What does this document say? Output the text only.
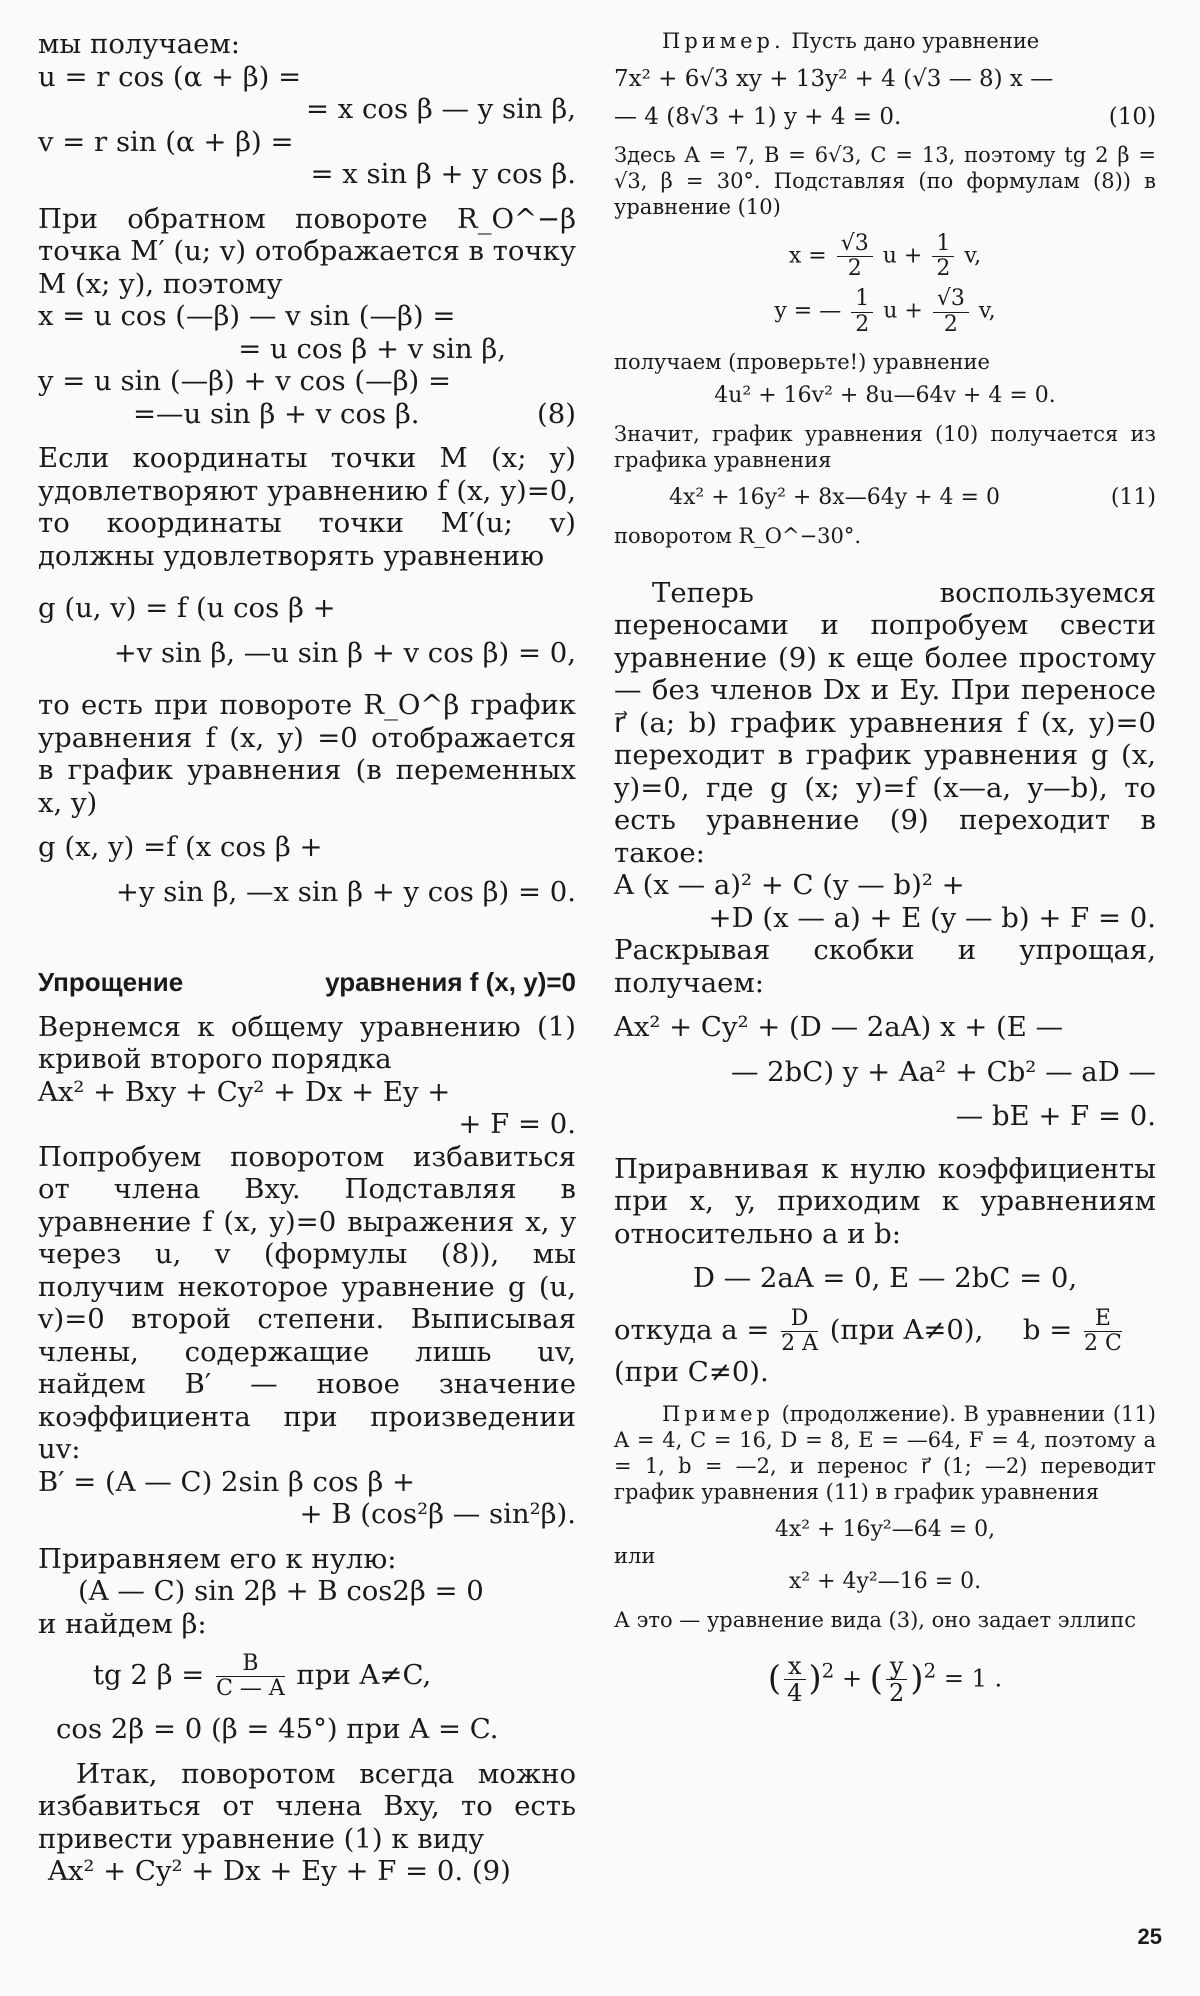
мы получаем:

u = r cos (α + β) =

= x cos β — y sin β,

v = r sin (α + β) =

= x sin β + y cos β.

При обратном повороте R_O^−β точка M′ (u; v) отображается в точку M (x; y), поэтому

x = u cos (—β) — v sin (—β) =

= u cos β + v sin β,

y = u sin (—β) + v cos (—β) =

=—u sin β + v cos β.	(8)

Если координаты точки M (x; y) удовлетворяют уравнению f (x, y)=0, то координаты точки M′(u; v) должны удовлетворять уравнению

g (u, v) = f (u cos β +

+v sin β, —u sin β + v cos β) = 0,

то есть при повороте R_O^β график уравнения f (x, y) =0 отображается в график уравнения (в переменных x, y)

g (x, y) =f (x cos β +

+y sin β, —x sin β + y cos β) = 0.

Упрощение	уравнения f (x, y)=0

Вернемся к общему уравнению (1) кривой второго порядка

Ax² + Bxy + Cy² + Dx + Ey +

+ F = 0.

Попробуем поворотом избавиться от члена Bxy. Подставляя в уравнение f (x, y)=0 выражения x, y через u, v (формулы (8)), мы получим некоторое уравнение g (u, v)=0 второй степени. Выписывая члены, содержащие лишь uv, найдем B′ — новое значение коэффициента при произведении uv:

B′ = (A — C) 2sin β cos β +

+ B (cos²β — sin²β).

Приравняем его к нулю:

(A — C) sin 2β + B cos2β = 0

и найдем β:

tg 2 $\beta = \frac{B}{C — A}$ при A≠C,

cos 2β = 0 (β = 45°) при A = C.

Итак, поворотом всегда можно избавиться от члена Bxy, то есть привести уравнение (1) к виду

Ax² + Cy² + Dx + Ey + F = 0. (9)

Пример. Пусть дано уравнение

7x² + 6√3 xy + 13y² + 4 (√3 — 8) x —

— 4 (8√3 + 1) y + 4 = 0.	(10)

Здесь A = 7, B = 6√3, C = 13, поэтому tg 2 β = √3, β = 30°. Подставляя (по формулам (8)) в уравнение (10)

$x = \frac{√3}{2}$ $u + \frac{1}{2} v$,

y = — $\frac{1}{2}$ $u + \frac{√3}{2} v$,

получаем (проверьте!) уравнение

4u² + 16v² + 8u—64v + 4 = 0.

Значит, график уравнения (10) получается из графика уравнения

4x² + 16y² + 8x—64y + 4 = 0	(11)

поворотом R_O^−30°.

Теперь воспользуемся переносами и попробуем свести уравнение (9) к еще более простому — без членов Dx и Ey. При переносе r⃗ (a; b) график уравнения f (x, y)=0 переходит в график уравнения g (x, y)=0, где g (x; y)=f (x—a, y—b), то есть уравнение (9) переходит в такое:

A (x — a)² + C (y — b)² +

+D (x — a) + E (y — b) + F = 0.

Раскрывая скобки и упрощая, получаем:

Ax² + Cy² + (D — 2aA) x + (E —

— 2bC) y + Aa² + Cb² — aD —

— bE + F = 0.

Приравнивая к нулю коэффициенты при x, y, приходим к уравнениям относительно a и b:

D — 2aA = 0, E — 2bC = 0,

откуда $a = \frac{D}{2 A} (при$ A≠0), $b = \frac{E}{2 C}$

(при C≠0).

Пример (продолжение). В уравнении (11) A = 4, C = 16, D = 8, E = —64, F = 4, поэтому a = 1, b = —2, и перенос r⃗ (1; —2) переводит график уравнения (11) в график уравнения

4x² + 16y²—64 = 0,

или

x² + 4y²—16 = 0.

А это — уравнение вида (3), оно задает эллипс

( $\frac{x}{4} )^2$ + ( $\frac{y}{2} )^2 = 1$ .

25
